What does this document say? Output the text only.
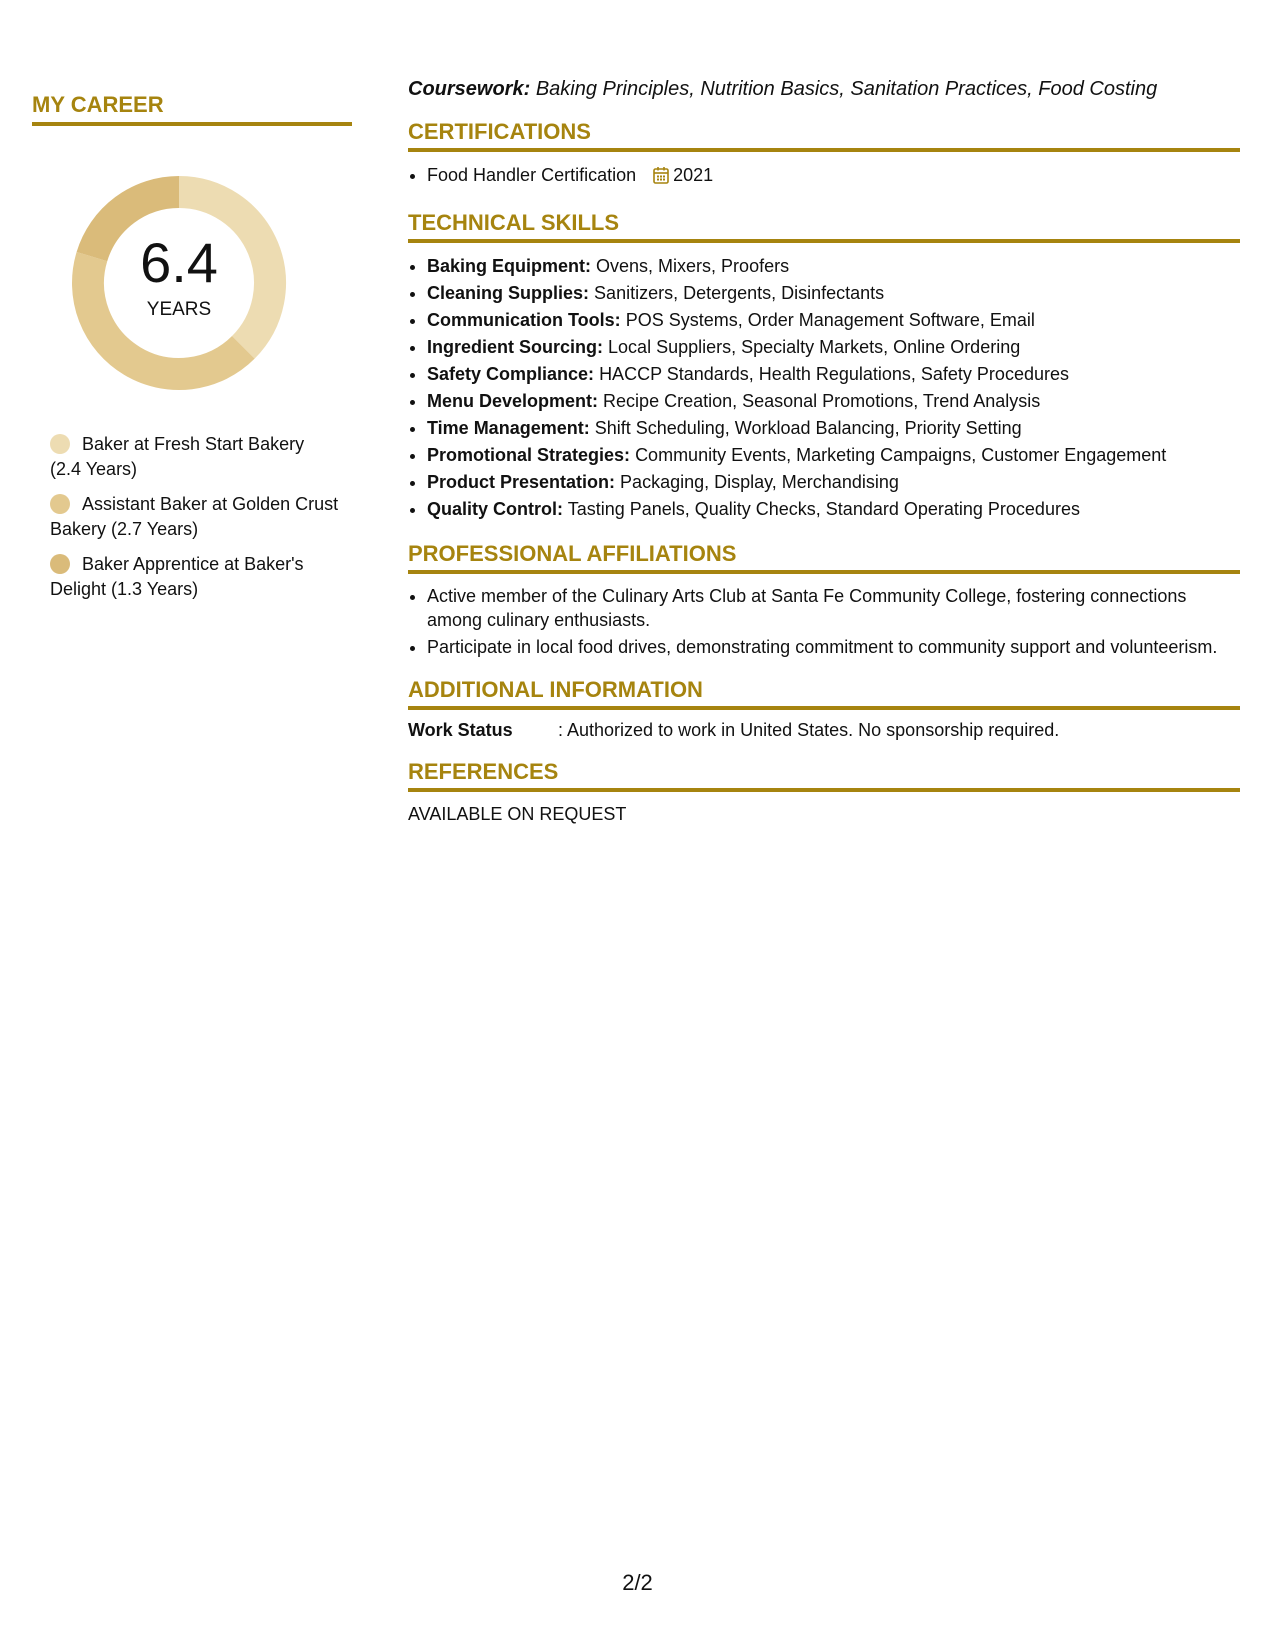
MY CAREER
6.4
YEARS
Baker at Fresh Start Bakery (2.4 Years)
Assistant Baker at Golden Crust Bakery (2.7 Years)
Baker Apprentice at Baker's Delight (1.3 Years)

Coursework: Baking Principles, Nutrition Basics, Sanitation Practices, Food Costing

CERTIFICATIONS
• Food Handler Certification 2021
TECHNICAL SKILLS
• Baking Equipment: Ovens, Mixers, Proofers
• Cleaning Supplies: Sanitizers, Detergents, Disinfectants
• Communication Tools: POS Systems, Order Management Software, Email
• Ingredient Sourcing: Local Suppliers, Specialty Markets, Online Ordering
• Safety Compliance: HACCP Standards, Health Regulations, Safety Procedures
• Menu Development: Recipe Creation, Seasonal Promotions, Trend Analysis
• Time Management: Shift Scheduling, Workload Balancing, Priority Setting
• Promotional Strategies: Community Events, Marketing Campaigns, Customer Engagement
• Product Presentation: Packaging, Display, Merchandising
• Quality Control: Tasting Panels, Quality Checks, Standard Operating Procedures
PROFESSIONAL AFFILIATIONS
• Active member of the Culinary Arts Club at Santa Fe Community College, fostering connections among culinary enthusiasts.
• Participate in local food drives, demonstrating commitment to community support and volunteerism.
ADDITIONAL INFORMATION
Work Status	: Authorized to work in United States. No sponsorship required.
REFERENCES
AVAILABLE ON REQUEST
2/2
